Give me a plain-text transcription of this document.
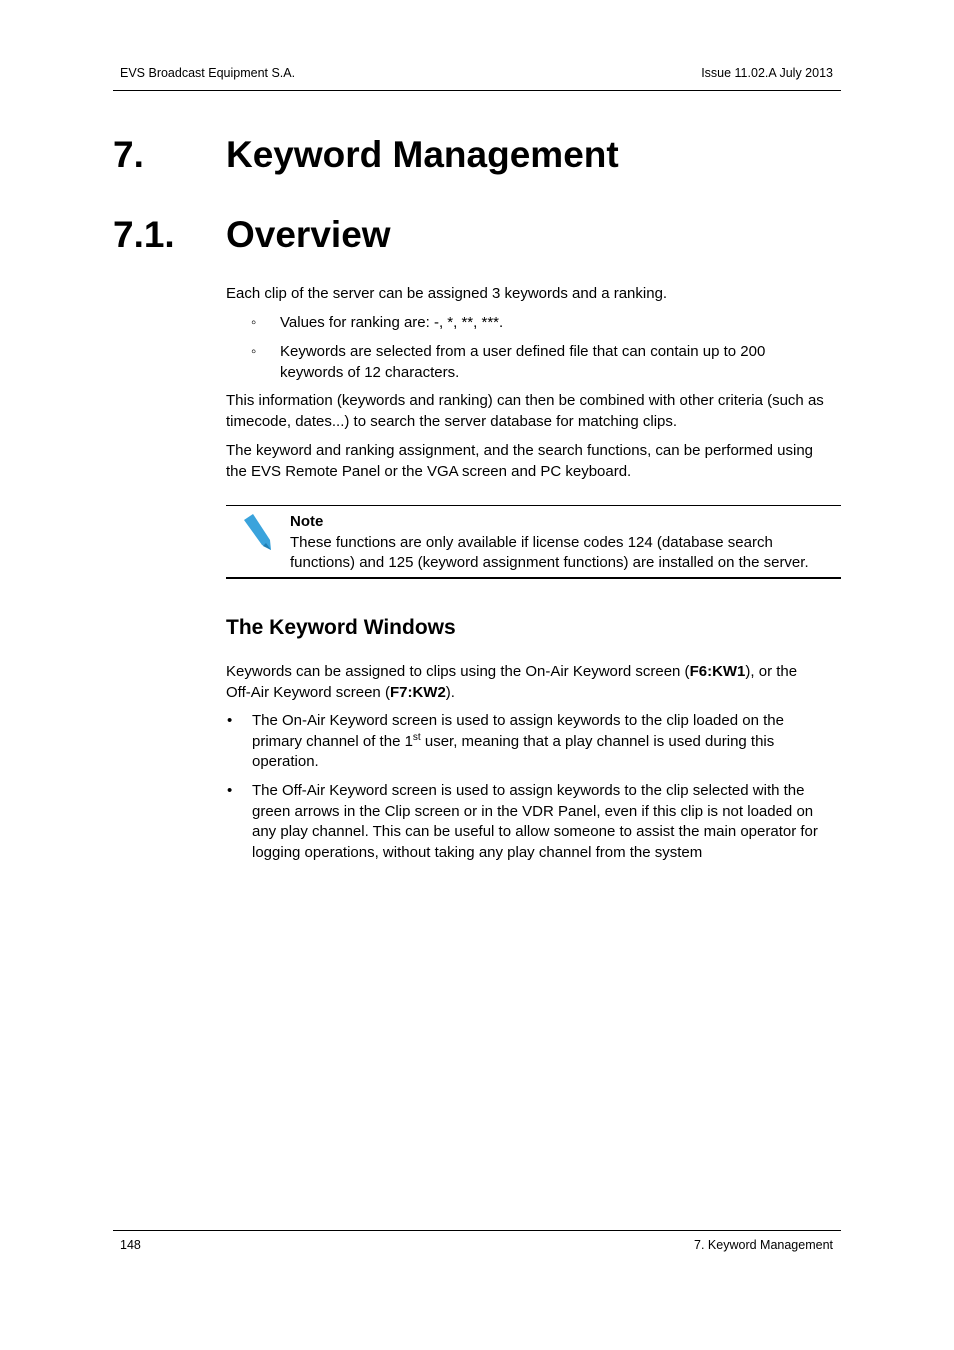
EVS Broadcast Equipment S.A.	Issue 11.02.A July 2013
7. Keyword Management
7.1. Overview
Each clip of the server can be assigned 3 keywords and a ranking.
◦ Values for ranking are: -, *, **, ***.
◦ Keywords are selected from a user defined file that can contain up to 200

keywords of 12 characters.

This information (keywords and ranking) can then be combined with other criteria (such as

timecode, dates...) to search the server database for matching clips.

The keyword and ranking assignment, and the search functions, can be performed using

the EVS Remote Panel or the VGA screen and PC keyboard.

Note

These functions are only available if license codes 124 (database search

functions) and 125 (keyword assignment functions) are installed on the server.

The Keyword Windows

Keywords can be assigned to clips using the On-Air Keyword screen (F6:KW1), or the

Off-Air Keyword screen (F7:KW2).

• The On-Air Keyword screen is used to assign keywords to the clip loaded on the

primary channel of the 1st user, meaning that a play channel is used during this

operation.

• The Off-Air Keyword screen is used to assign keywords to the clip selected with the

green arrows in the Clip screen or in the VDR Panel, even if this clip is not loaded on

any play channel. This can be useful to allow someone to assist the main operator for

logging operations, without taking any play channel from the system

148	7. Keyword Management
